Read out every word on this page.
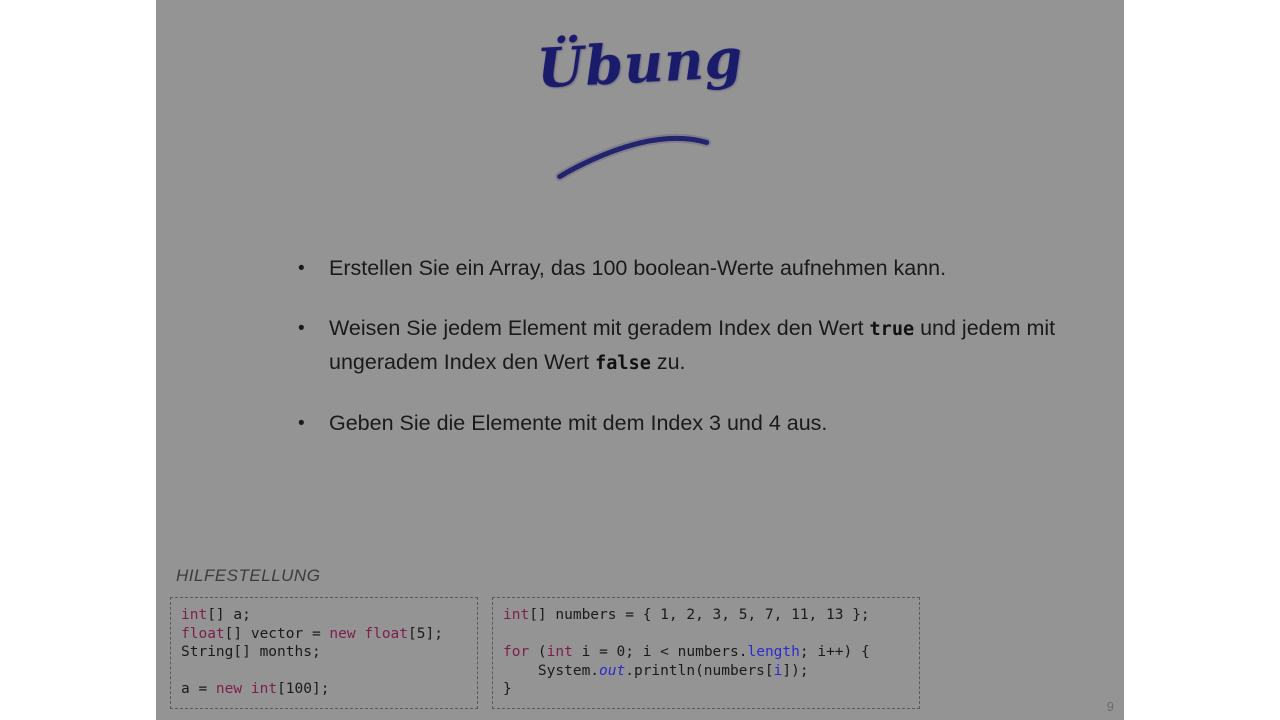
Übung
• Erstellen Sie ein Array, das 100 boolean-Werte aufnehmen kann.
• Weisen Sie jedem Element mit geradem Index den Wert true und jedem mit ungeradem Index den Wert false zu.
• Geben Sie die Elemente mit dem Index 3 und 4 aus.
HILFESTELLUNG
int[] a;
float[] vector = new float[5];
String[] months;
a = new int[100];
int[] numbers = { 1, 2, 3, 5, 7, 11, 13 };
for (int i = 0; i < numbers.length; i++) {
System.out.println(numbers[i]);
}
9
